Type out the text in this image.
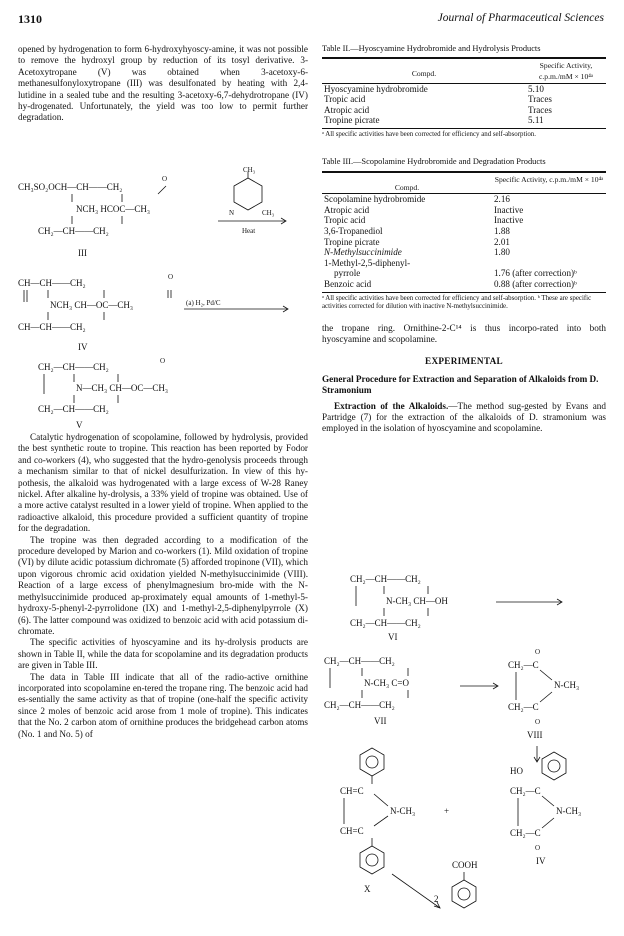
1310	Journal of Pharmaceutical Sciences

opened by hydrogenation to form 6-hydroxyhyoscy-amine, it was not possible to remove the hydroxyl group by reduction of its tosyl derivative. 3-Acetoxytropane (V) was obtained when 3-acetoxy-6-methanesulfonyloxytropane (III) was desulfonated by heating with 2,4-lutidine in a sealed tube and the resulting 3-acetoxy-6,7-dehydrotropane (IV) hy-drogenated. Unfortunately, the yield was too low to permit further degradation.

CH₃SO₂OCH—CH——CH₂
O
NCH₃ HCOC—CH₃
CH₂—CH——CH₂
III
CH₃
N	CH₃
Heat
O
CH—CH——CH₂
NCH₃ CH—OC—CH₃	(a) H₂, Pd/C
CH—CH——CH₂
IV
O
CH₂—CH——CH₂
N—CH₃ CH—OC—CH₃
CH₂—CH——CH₂
V

Catalytic hydrogenation of scopolamine, followed by hydrolysis, provided the best synthetic route to tropine. This reaction has been reported by Fodor and co-workers (4), who suggested that the hydro-genolysis proceeds through a mechanism similar to that of nickel desulfurization. In view of this hy-pothesis, the alkaloid was hydrogenated with a large excess of W-28 Raney nickel. After alkaline hy-drolysis, a 33% yield of tropine was obtained. Use of a more active catalyst resulted in a lower yield of tropine. When applied to the radioactive alkaloid, this procedure provided a sufficient quantity of tropine for the degradation.

The tropine was then degraded according to a modification of the procedure developed by Marion and co-workers (1). Mild oxidation of tropine (VI) by dilute acidic potassium dichromate (5) afforded tropinone (VII), which upon vigorous chromic acid oxidation yielded N-methylsuccinimide (VIII). Reaction of a large excess of phenylmagnesium bro-mide with the N-methylsuccinimide produced ap-proximately equal amounts of 1-methyl-5-hydroxy-5-phenyl-2-pyrrolidone (IX) and 1-methyl-2,5-diphenylpyrrole (X) (6). The latter compound was oxidized to benzoic acid with acid potassium di-chromate.

The specific activities of hyoscyamine and its hy-drolysis products are shown in Table II, while the data for scopolamine and its degradation products are given in Table III.

The data in Table III indicate that all of the radio-active ornithine incorporated into scopolamine en-tered the tropane ring. The benzoic acid had es-sentially the same activity as that of tropine (one-half the specific activity since 2 moles of benzoic acid arose from 1 mole of tropine). This indicates that the No. 2 carbon atom of ornithine produces the bridgehead carbon atoms (No. 1 and No. 5) of

Table II.—Hyoscyamine Hydrobromide and Hydrolysis Products

Compd.	Specific Activity, c.p.m./mM × 10⁴ᵃ
Hyoscyamine hydrobromide	5.10
Tropic acid	Traces
Atropic acid	Traces
Tropine picrate	5.11

ᵃ All specific activities have been corrected for efficiency and self-absorption.

Table III.—Scopolamine Hydrobromide and Degradation Products

Compd.	Specific Activity, c.p.m./mM × 10⁴ᵃ
Scopolamine hydrobromide	2.16
Atropic acid	Inactive
Tropic acid	Inactive
3,6-Tropanediol	1.88
Tropine picrate	2.01
N-Methylsuccinimide	1.80
1-Methyl-2,5-diphenyl-	
pyrrole	1.76 (after correction)ᵇ
Benzoic acid	0.88 (after correction)ᵇ

ᵃ All specific activities have been corrected for efficiency and self-absorption. ᵇ These are specific activities corrected for dilution with inactive N-methylsuccinimide.

the tropane ring. Ornithine-2-C¹⁴ is thus incorpo-rated into both hyoscyamine and scopolamine.

EXPERIMENTAL

General Procedure for Extraction and Separation of Alkaloids from D. Stramonium

Extraction of the Alkaloids.—The method sug-gested by Evans and Partridge (7) for the extraction of the alkaloids of D. stramonium was employed in the isolation of hyoscyamine and scopolamine.

CH₂—CH——CH₂
N-CH₃ CH—OH
CH₂—CH——CH₂
VI
CH₂—CH——CH₂
N-CH₃ C=O
CH₂—CH——CH₂
VII
O
CH₂—C
N-CH₃
CH₂—C
O
VIII
CH=C
N-CH₃
CH=C
X
+
HO
CH₂—C
N-CH₃
CH₂—C
O
IV
COOH
2
